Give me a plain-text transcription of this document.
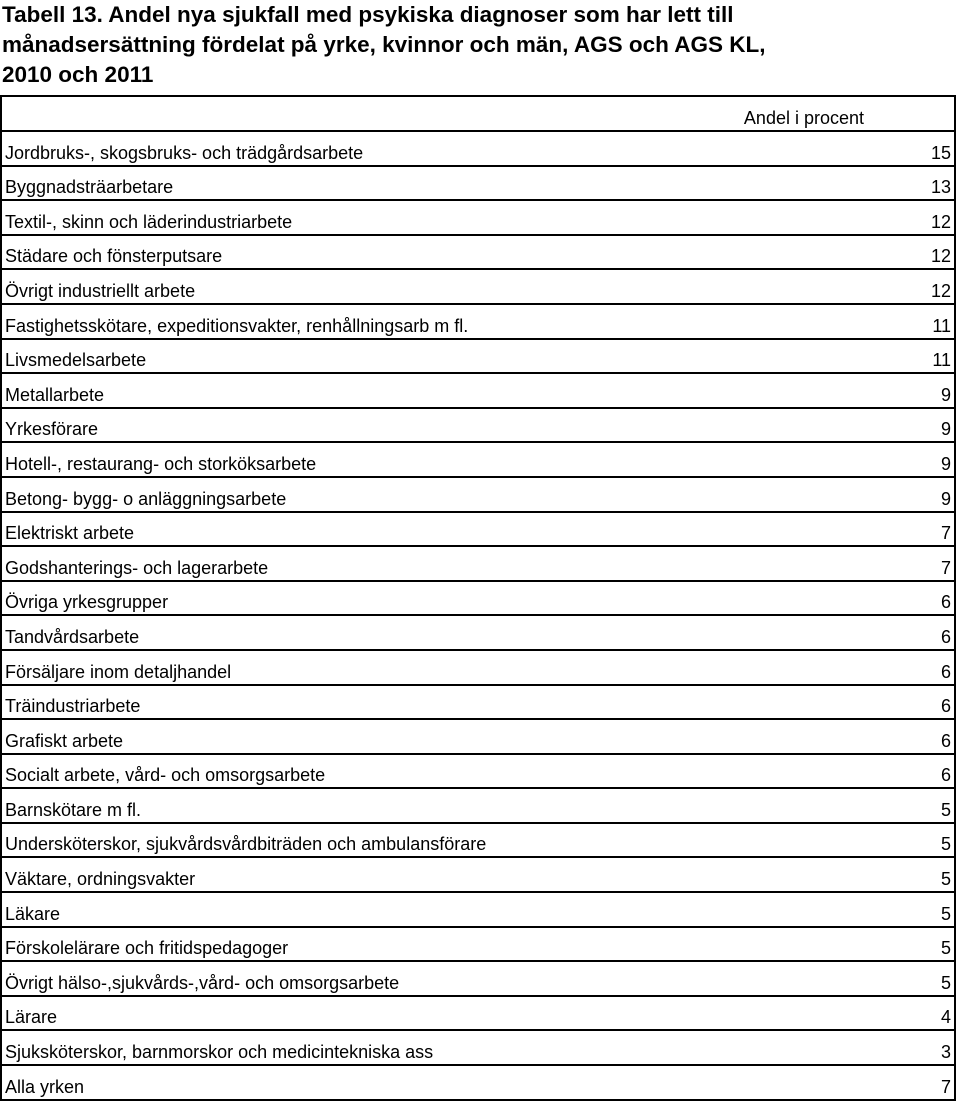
Tabell 13. Andel nya sjukfall med psykiska diagnoser som har lett till
månadsersättning fördelat på yrke, kvinnor och män, AGS och AGS KL,
2010 och 2011
Andel i procent
Jordbruks-, skogsbruks- och trädgårdsarbete	15
Byggnadsträarbetare	13
Textil-, skinn och läderindustriarbete	12
Städare och fönsterputsare	12
Övrigt industriellt arbete	12
Fastighetsskötare, expeditionsvakter, renhållningsarb m fl.	11
Livsmedelsarbete	11
Metallarbete	9
Yrkesförare	9
Hotell-, restaurang- och storköksarbete	9
Betong- bygg- o anläggningsarbete	9
Elektriskt arbete	7
Godshanterings- och lagerarbete	7
Övriga yrkesgrupper	6
Tandvårdsarbete	6
Försäljare inom detaljhandel	6
Träindustriarbete	6
Grafiskt arbete	6
Socialt arbete, vård- och omsorgsarbete	6
Barnskötare m fl.	5
Undersköterskor, sjukvårdsvårdbiträden och ambulansförare	5
Väktare, ordningsvakter	5
Läkare	5
Förskolelärare och fritidspedagoger	5
Övrigt hälso-,sjukvårds-,vård- och omsorgsarbete	5
Lärare	4
Sjuksköterskor, barnmorskor och medicintekniska ass	3
Alla yrken	7
